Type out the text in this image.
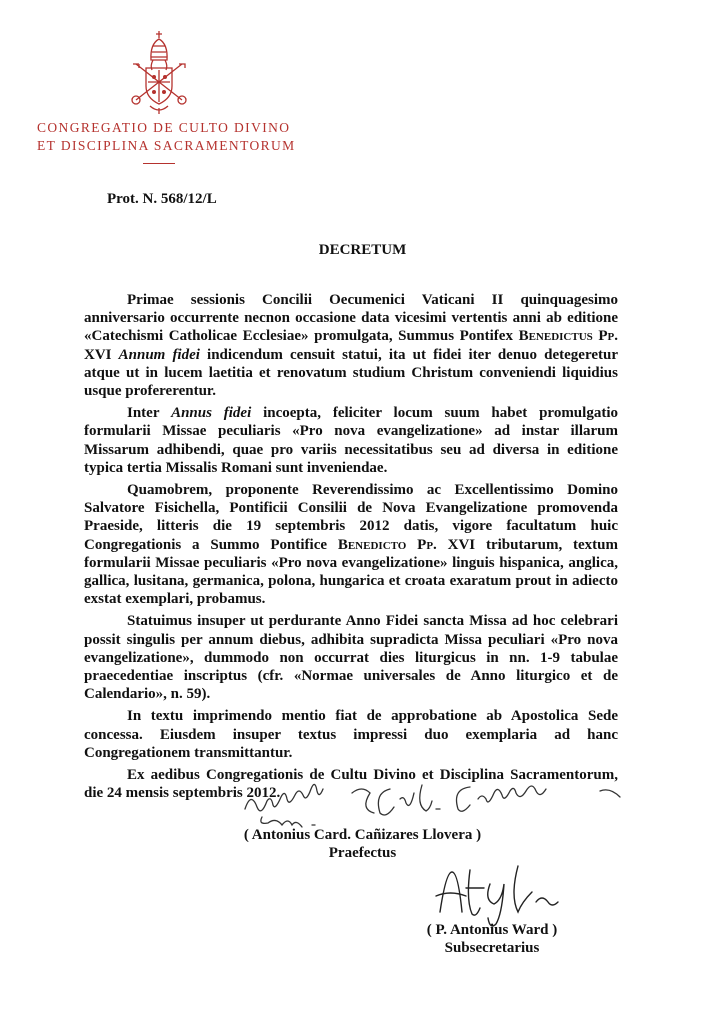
CONGREGATIO DE CULTO DIVINO
ET DISCIPLINA SACRAMENTORUM
Prot. N. 568/12/L
DECRETUM

Primae sessionis Concilii Oecumenici Vaticani II quinquagesimo anniversario occurrente necnon occasione data vicesimi vertentis anni ab editione «Catechismi Catholicae Ecclesiae» promulgata, Summus Pontifex Benedictus Pp. XVI Annum fidei indicendum censuit statui, ita ut fidei iter denuo detegeretur atque ut in lucem laetitia et renovatum studium Christum conveniendi liquidius usque profererentur.

Inter Annus fidei incoepta, feliciter locum suum habet promulgatio formularii Missae peculiaris «Pro nova evangelizatione» ad instar illarum Missarum adhibendi, quae pro variis necessitatibus seu ad diversa in editione typica tertia Missalis Romani sunt inveniendae.

Quamobrem, proponente Reverendissimo ac Excellentissimo Domino Salvatore Fisichella, Pontificii Consilii de Nova Evangelizatione promovenda Praeside, litteris die 19 septembris 2012 datis, vigore facultatum huic Congregationis a Summo Pontifice Benedicto Pp. XVI tributarum, textum formularii Missae peculiaris «Pro nova evangelizatione» linguis hispanica, anglica, gallica, lusitana, germanica, polona, hungarica et croata exaratum prout in adiecto exstat exemplari, probamus.

Statuimus insuper ut perdurante Anno Fidei sancta Missa ad hoc celebrari possit singulis per annum diebus, adhibita supradicta Missa peculiari «Pro nova evangelizatione», dummodo non occurrat dies liturgicus in nn. 1-9 tabulae praecedentiae inscriptus (cfr. «Normae universales de Anno liturgico et de Calendario», n. 59).

In textu imprimendo mentio fiat de approbatione ab Apostolica Sede concessa. Eiusdem insuper textus impressi duo exemplaria ad hanc Congregationem transmittantur.

Ex aedibus Congregationis de Cultu Divino et Disciplina Sacramentorum, die 24 mensis septembris 2012.

( Antonius Card. Cañizares Llovera )
Praefectus
( P. Antonius Ward )
Subsecretarius
